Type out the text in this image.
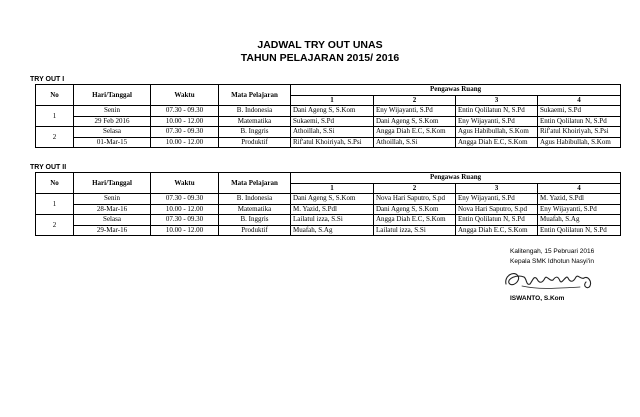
JADWAL TRY OUT UNAS
TAHUN PELAJARAN 2015/ 2016
TRY OUT I
No	Hari/Tanggal	Waktu	Mata Pelajaran	Pengawas Ruang			
				1	2	3	4
1	Senin	07.30 - 09.30	B. Indonesia	Dani Ageng S, S.Kom	Eny Wijayanti, S.Pd	Entin Qolilatun N, S.Pd	Sukaemi, S.Pd
	29 Feb 2016	10.00 - 12.00	Matematika	Sukaemi, S.Pd	Dani Ageng S, S.Kom	Eny Wijayanti, S.Pd	Entin Qolilatun N, S.Pd
2	Selasa	07.30 - 09.30	B. Inggris	Athoillah, S.Si	Angga Diah E.C, S.Kom	Agus Habibullah, S.Kom	Rif'atul Khoiriyah, S.Psi
	01-Mar-15	10.00 - 12.00	Produktif	Rif'atul Khoiriyah, S.Psi	Athoillah, S.Si	Angga Diah E.C, S.Kom	Agus Habibullah, S.Kom
TRY OUT II
No	Hari/Tanggal	Waktu	Mata Pelajaran	Pengawas Ruang			
				1	2	3	4
1	Senin	07.30 - 09.30	B. Indonesia	Dani Ageng S, S.Kom	Nova Hari Saputro, S.pd	Eny Wijayanti, S.Pd	M. Yazid, S.Pdl
	28-Mar-16	10.00 - 12.00	Matematika	M. Yazid, S.Pdl	Dani Ageng S, S.Kom	Nova Hari Saputro, S.pd	Eny Wijayanti, S.Pd
2	Selasa	07.30 - 09.30	B. Inggris	Lailatul izza, S.Si	Angga Diah E.C, S.Kom	Entin Qolilatun N, S.Pd	Muafah, S.Ag
	29-Mar-16	10.00 - 12.00	Produktif	Muafah, S.Ag	Lailatul izza, S.Si	Angga Diah E.C, S.Kom	Entin Qolilatun N, S.Pd
Kalitengah, 15 Pebruari 2016
Kepala SMK Idhotun Nasyi'in
ISWANTO, S.Kom
